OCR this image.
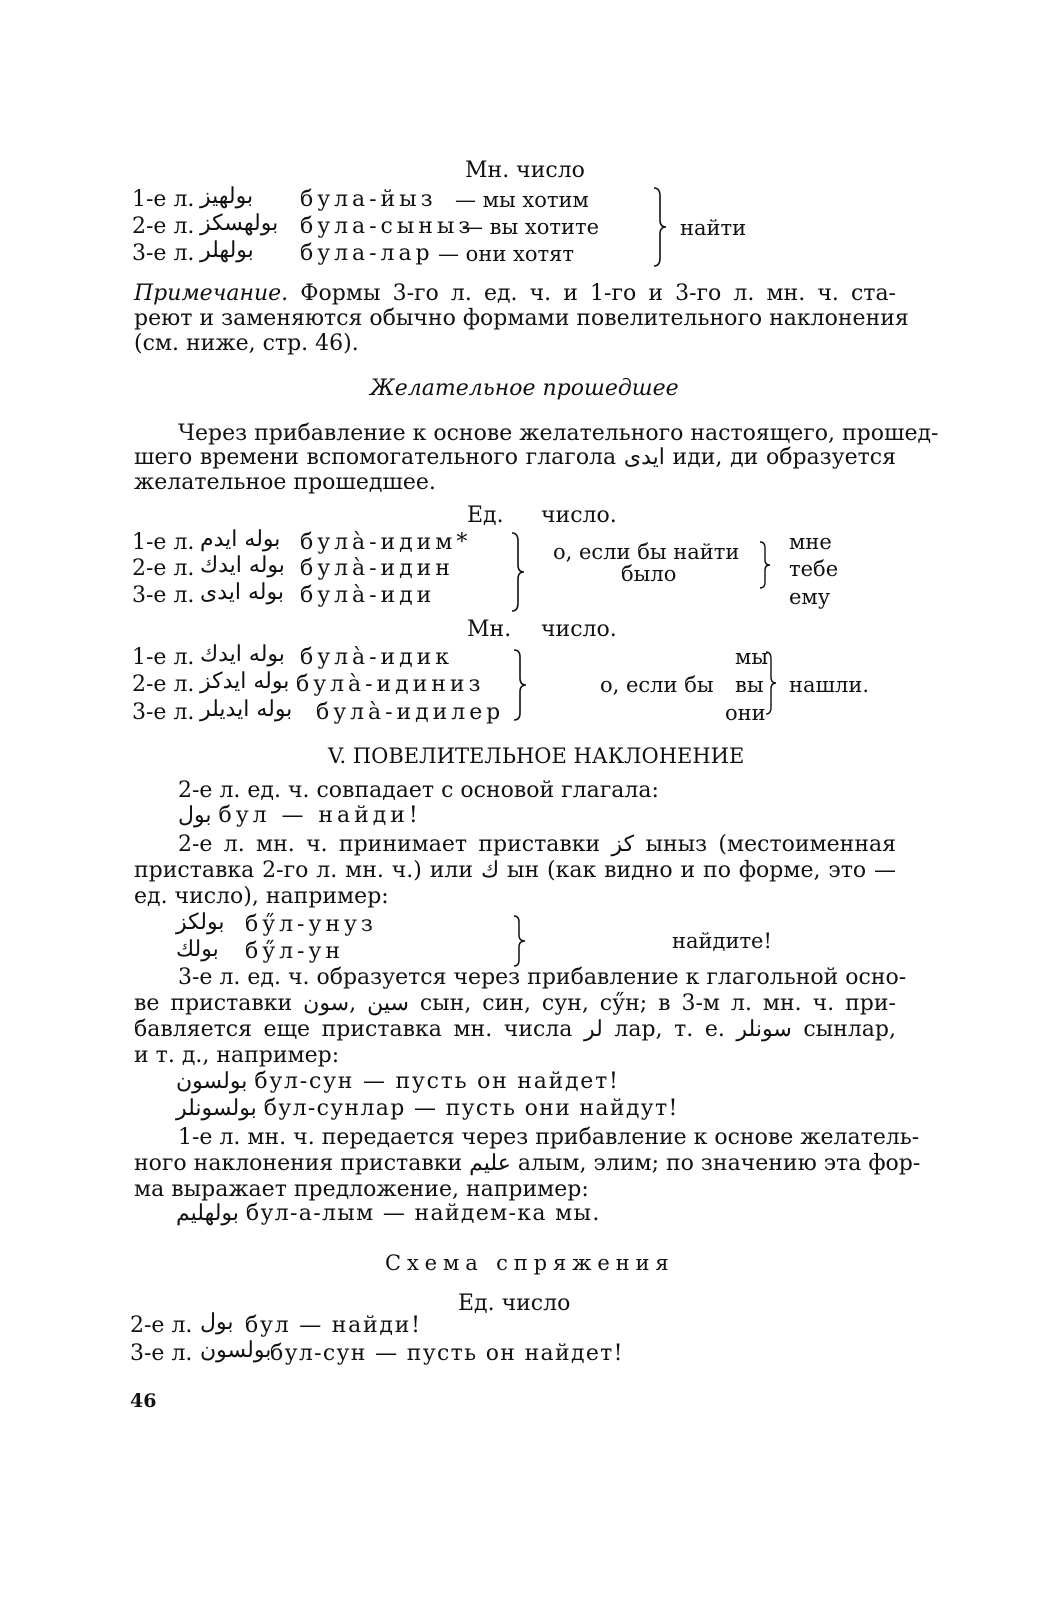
Мн. число
1-е л. بولهیز була-йыз — мы хотим
2-е л. بولهسکز була-сыныз
— вы хотите
3-е л. بولهلر була-лар — они хотят
найти
Примечание. Формы 3-го л. ед. ч. и 1-го и 3-го л. мн. ч. ста-
реют и заменяются обычно формами повелительного наклонения
(см. ниже, стр. 46).
Желательное прошедшее
Через прибавление к основе желательного настоящего, прошед-
шего времени вспомогательного глагола ایدی иди, ди образуется
желательное прошедшее.
Ед. число.
1-е л. بوله ایدم булà-идим*
2-е л. بوله ایدك булà-идин
3-е л. بوله ایدی булà-иди
о, если бы найти
было
мне
тебе
ему
Мн. число.
1-е л. بوله ایدك булà-идик
2-е л. بوله ایدکز булà-идиниз
3-е л. بوله ایدیلر булà-идилер
о, если бы
мы
вы
они
нашли.
V. ПОВЕЛИТЕЛЬНОЕ НАКЛОНЕНИЕ
2-е л. ед. ч. совпадает с основой глагала:
بول бул — найди!
2-е л. мн. ч. принимает приставки کز ыныз (местоименная
приставка 2-го л. мн. ч.) или ك ын (как видно и по форме, это —
ед. число), например:
بولکز бӳл-унуз
بولك бӳл-ун	найдите!
3-е л. ед. ч. образуется через прибавление к глагольной осно-
ве приставки سین ,سون сын, син, сун, сӳн; в 3-м л. мн. ч. при-
бавляется еще приставка мн. числа لر лар, т. е. سونلر сынлар,
и т. д., например:
بولسون бул-сун — пусть он найдет!
بولسونلر бул-сунлар — пусть они найдут!
1-е л. мн. ч. передается через прибавление к основе желатель-
ного наклонения приставки علیم алым, элим; по значению эта фор-
ма выражает предложение, например:
بولهلیم бул-а-лым — найдем-ка мы.
Схема спряжения
Ед. число
2-е л. بول бул — найди!
3-е л. بولسون
бул-сун — пусть он найдет!
46
